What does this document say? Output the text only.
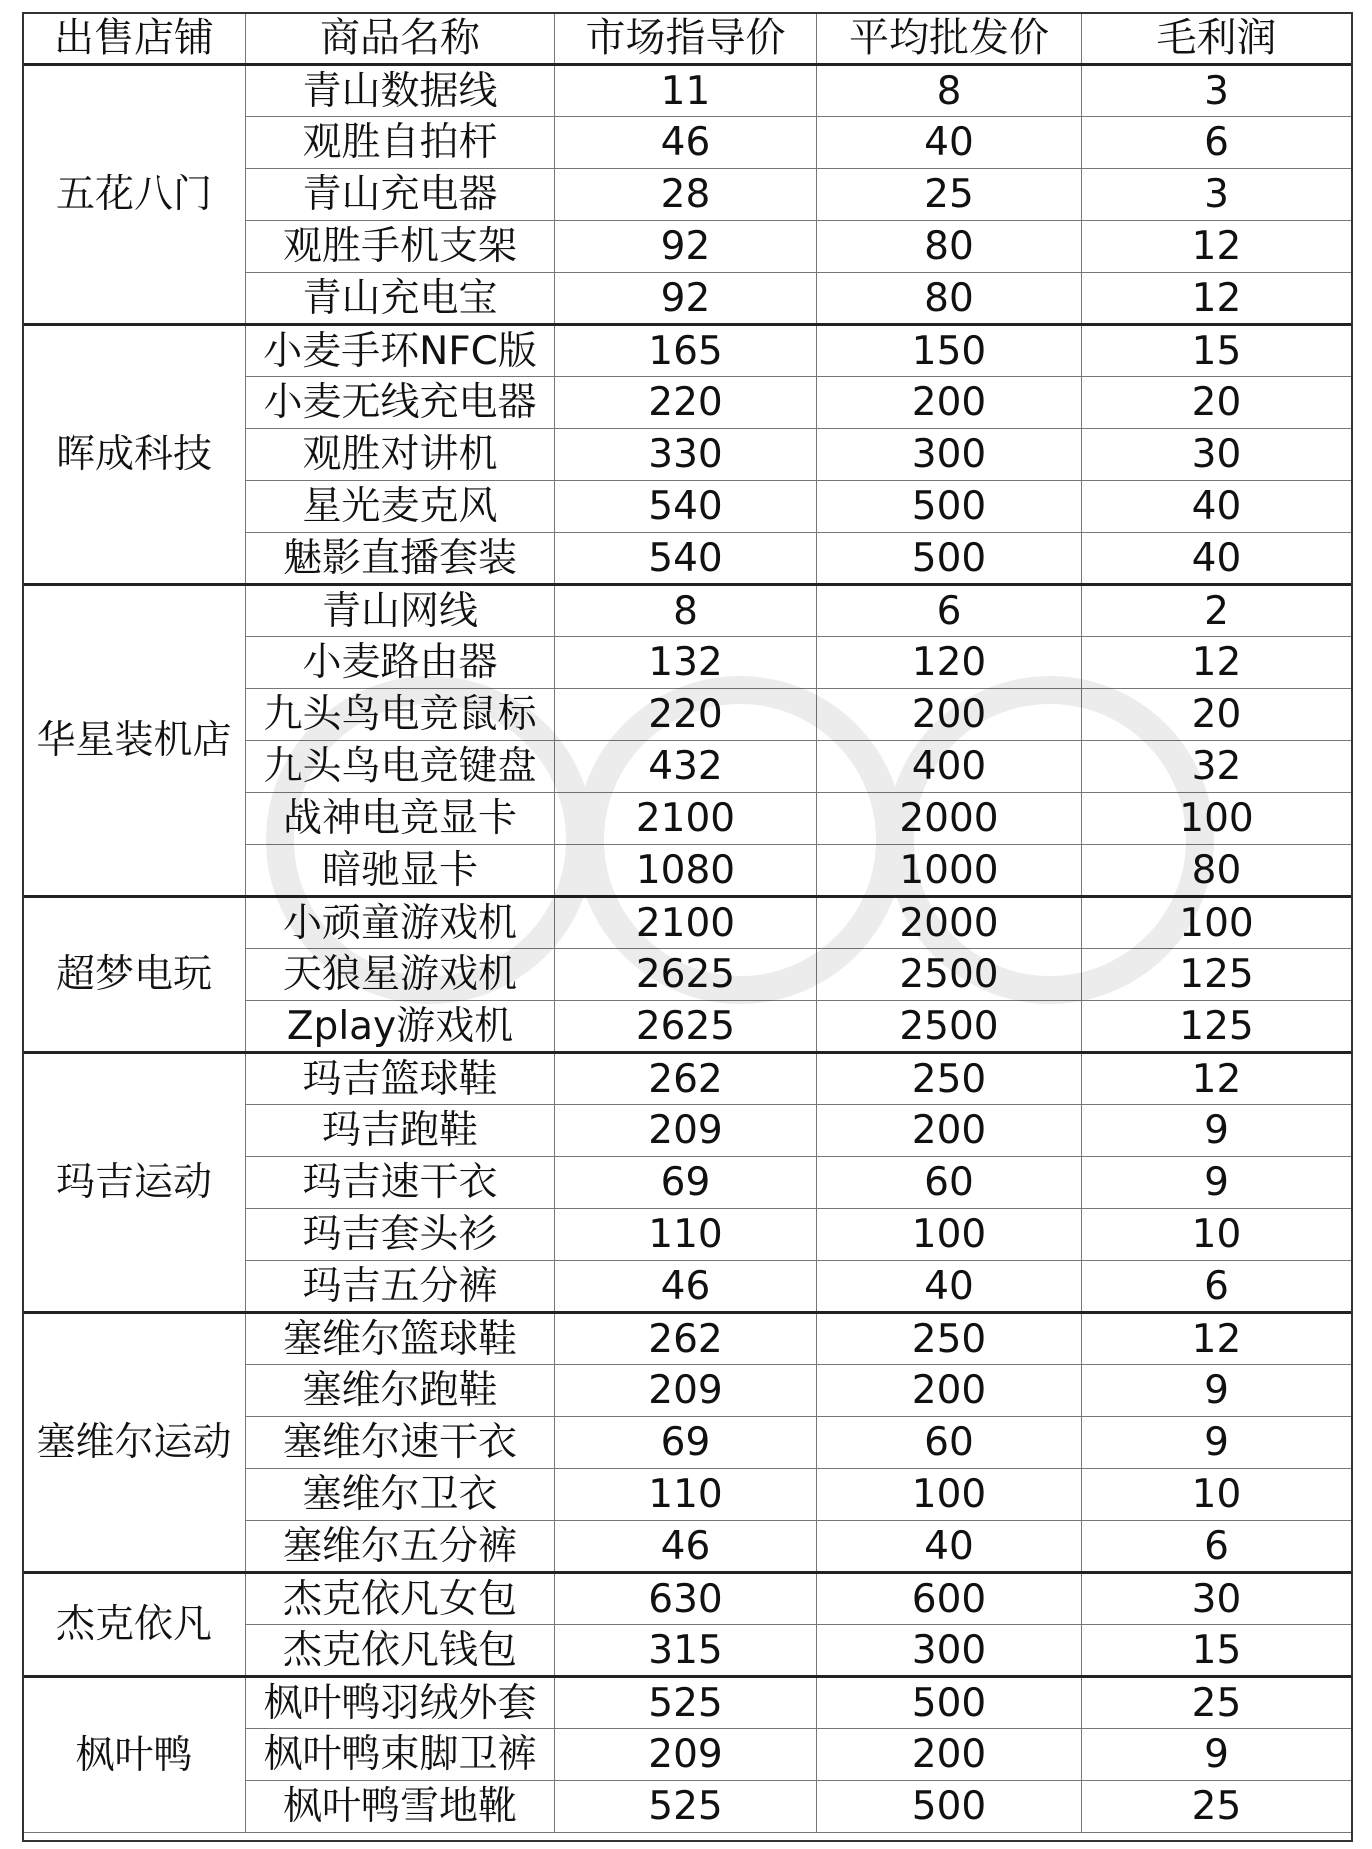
出售店铺	商品名称	市场指导价	平均批发价	毛利润
五花八门	青山数据线	11	8	3
	观胜自拍杆	46	40	6
	青山充电器	28	25	3
	观胜手机支架	92	80	12
	青山充电宝	92	80	12
晖成科技	小麦手环NFC版	165	150	15
	小麦无线充电器	220	200	20
	观胜对讲机	330	300	30
	星光麦克风	540	500	40
	魅影直播套装	540	500	40
华星装机店	青山网线	8	6	2
	小麦路由器	132	120	12
	九头鸟电竞鼠标	220	200	20
	九头鸟电竞键盘	432	400	32
	战神电竞显卡	2100	2000	100
	暗驰显卡	1080	1000	80
超梦电玩	小顽童游戏机	2100	2000	100
	天狼星游戏机	2625	2500	125
	Zplay游戏机	2625	2500	125
玛吉运动	玛吉篮球鞋	262	250	12
	玛吉跑鞋	209	200	9
	玛吉速干衣	69	60	9
	玛吉套头衫	110	100	10
	玛吉五分裤	46	40	6
塞维尔运动	塞维尔篮球鞋	262	250	12
	塞维尔跑鞋	209	200	9
	塞维尔速干衣	69	60	9
	塞维尔卫衣	110	100	10
	塞维尔五分裤	46	40	6
杰克依凡	杰克依凡女包	630	600	30
	杰克依凡钱包	315	300	15
枫叶鸭	枫叶鸭羽绒外套	525	500	25
	枫叶鸭束脚卫裤	209	200	9
	枫叶鸭雪地靴	525	500	25
